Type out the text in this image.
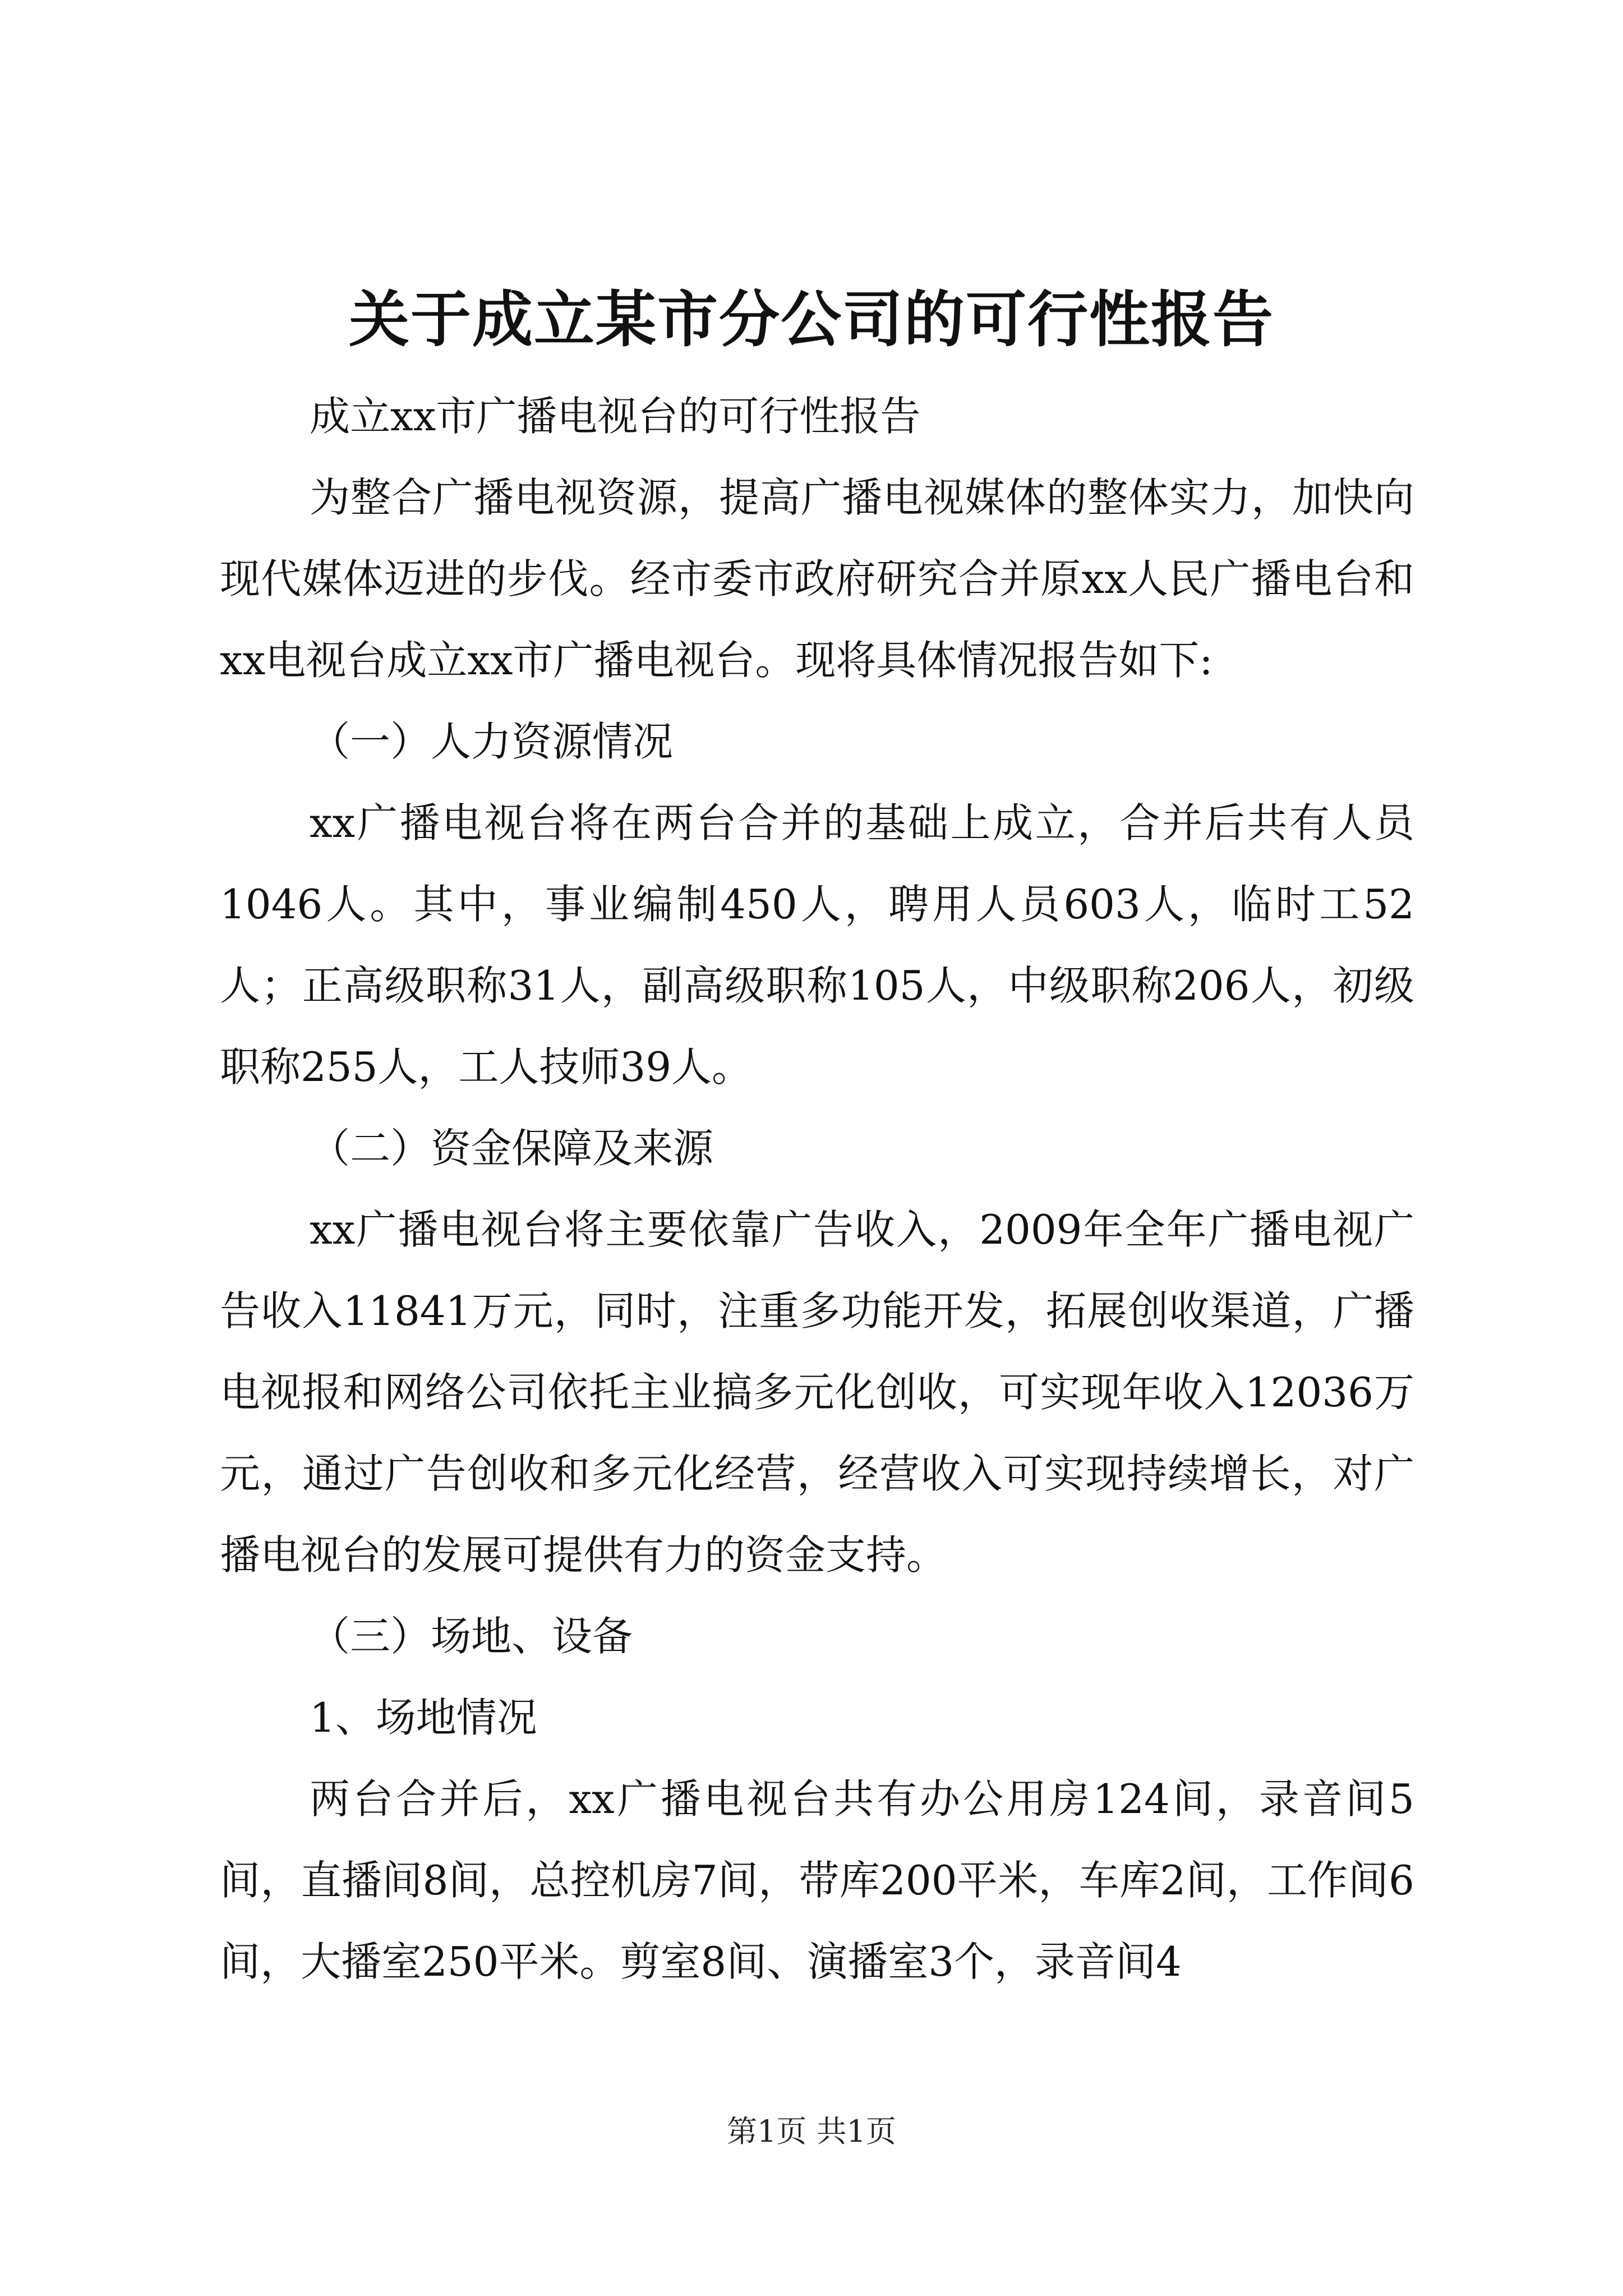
关于成立某市分公司的可行性报告

成立xx市广播电视台的可行性报告

为整合广播电视资源，提高广播电视媒体的整体实力，加快向现代媒体迈进的步伐。经市委市政府研究合并原xx人民广播电台和xx电视台成立xx市广播电视台。现将具体情况报告如下:

（一）人力资源情况

xx广播电视台将在两台合并的基础上成立，合并后共有人员1046人。其中，事业编制450人，聘用人员603人，临时工52人；正高级职称31人，副高级职称105人，中级职称206人，初级职称255人，工人技师39人。

（二）资金保障及来源

xx广播电视台将主要依靠广告收入，2009年全年广播电视广告收入11841万元，同时，注重多功能开发，拓展创收渠道，广播电视报和网络公司依托主业搞多元化创收，可实现年收入12036万元，通过广告创收和多元化经营，经营收入可实现持续增长，对广播电视台的发展可提供有力的资金支持。

（三）场地、设备

1、场地情况

两台合并后，xx广播电视台共有办公用房124间，录音间5间，直播间8间，总控机房7间，带库200平米，车库2间，工作间6间，大播室250平米。剪室8间、演播室3个，录音间4

第1页 共1页
